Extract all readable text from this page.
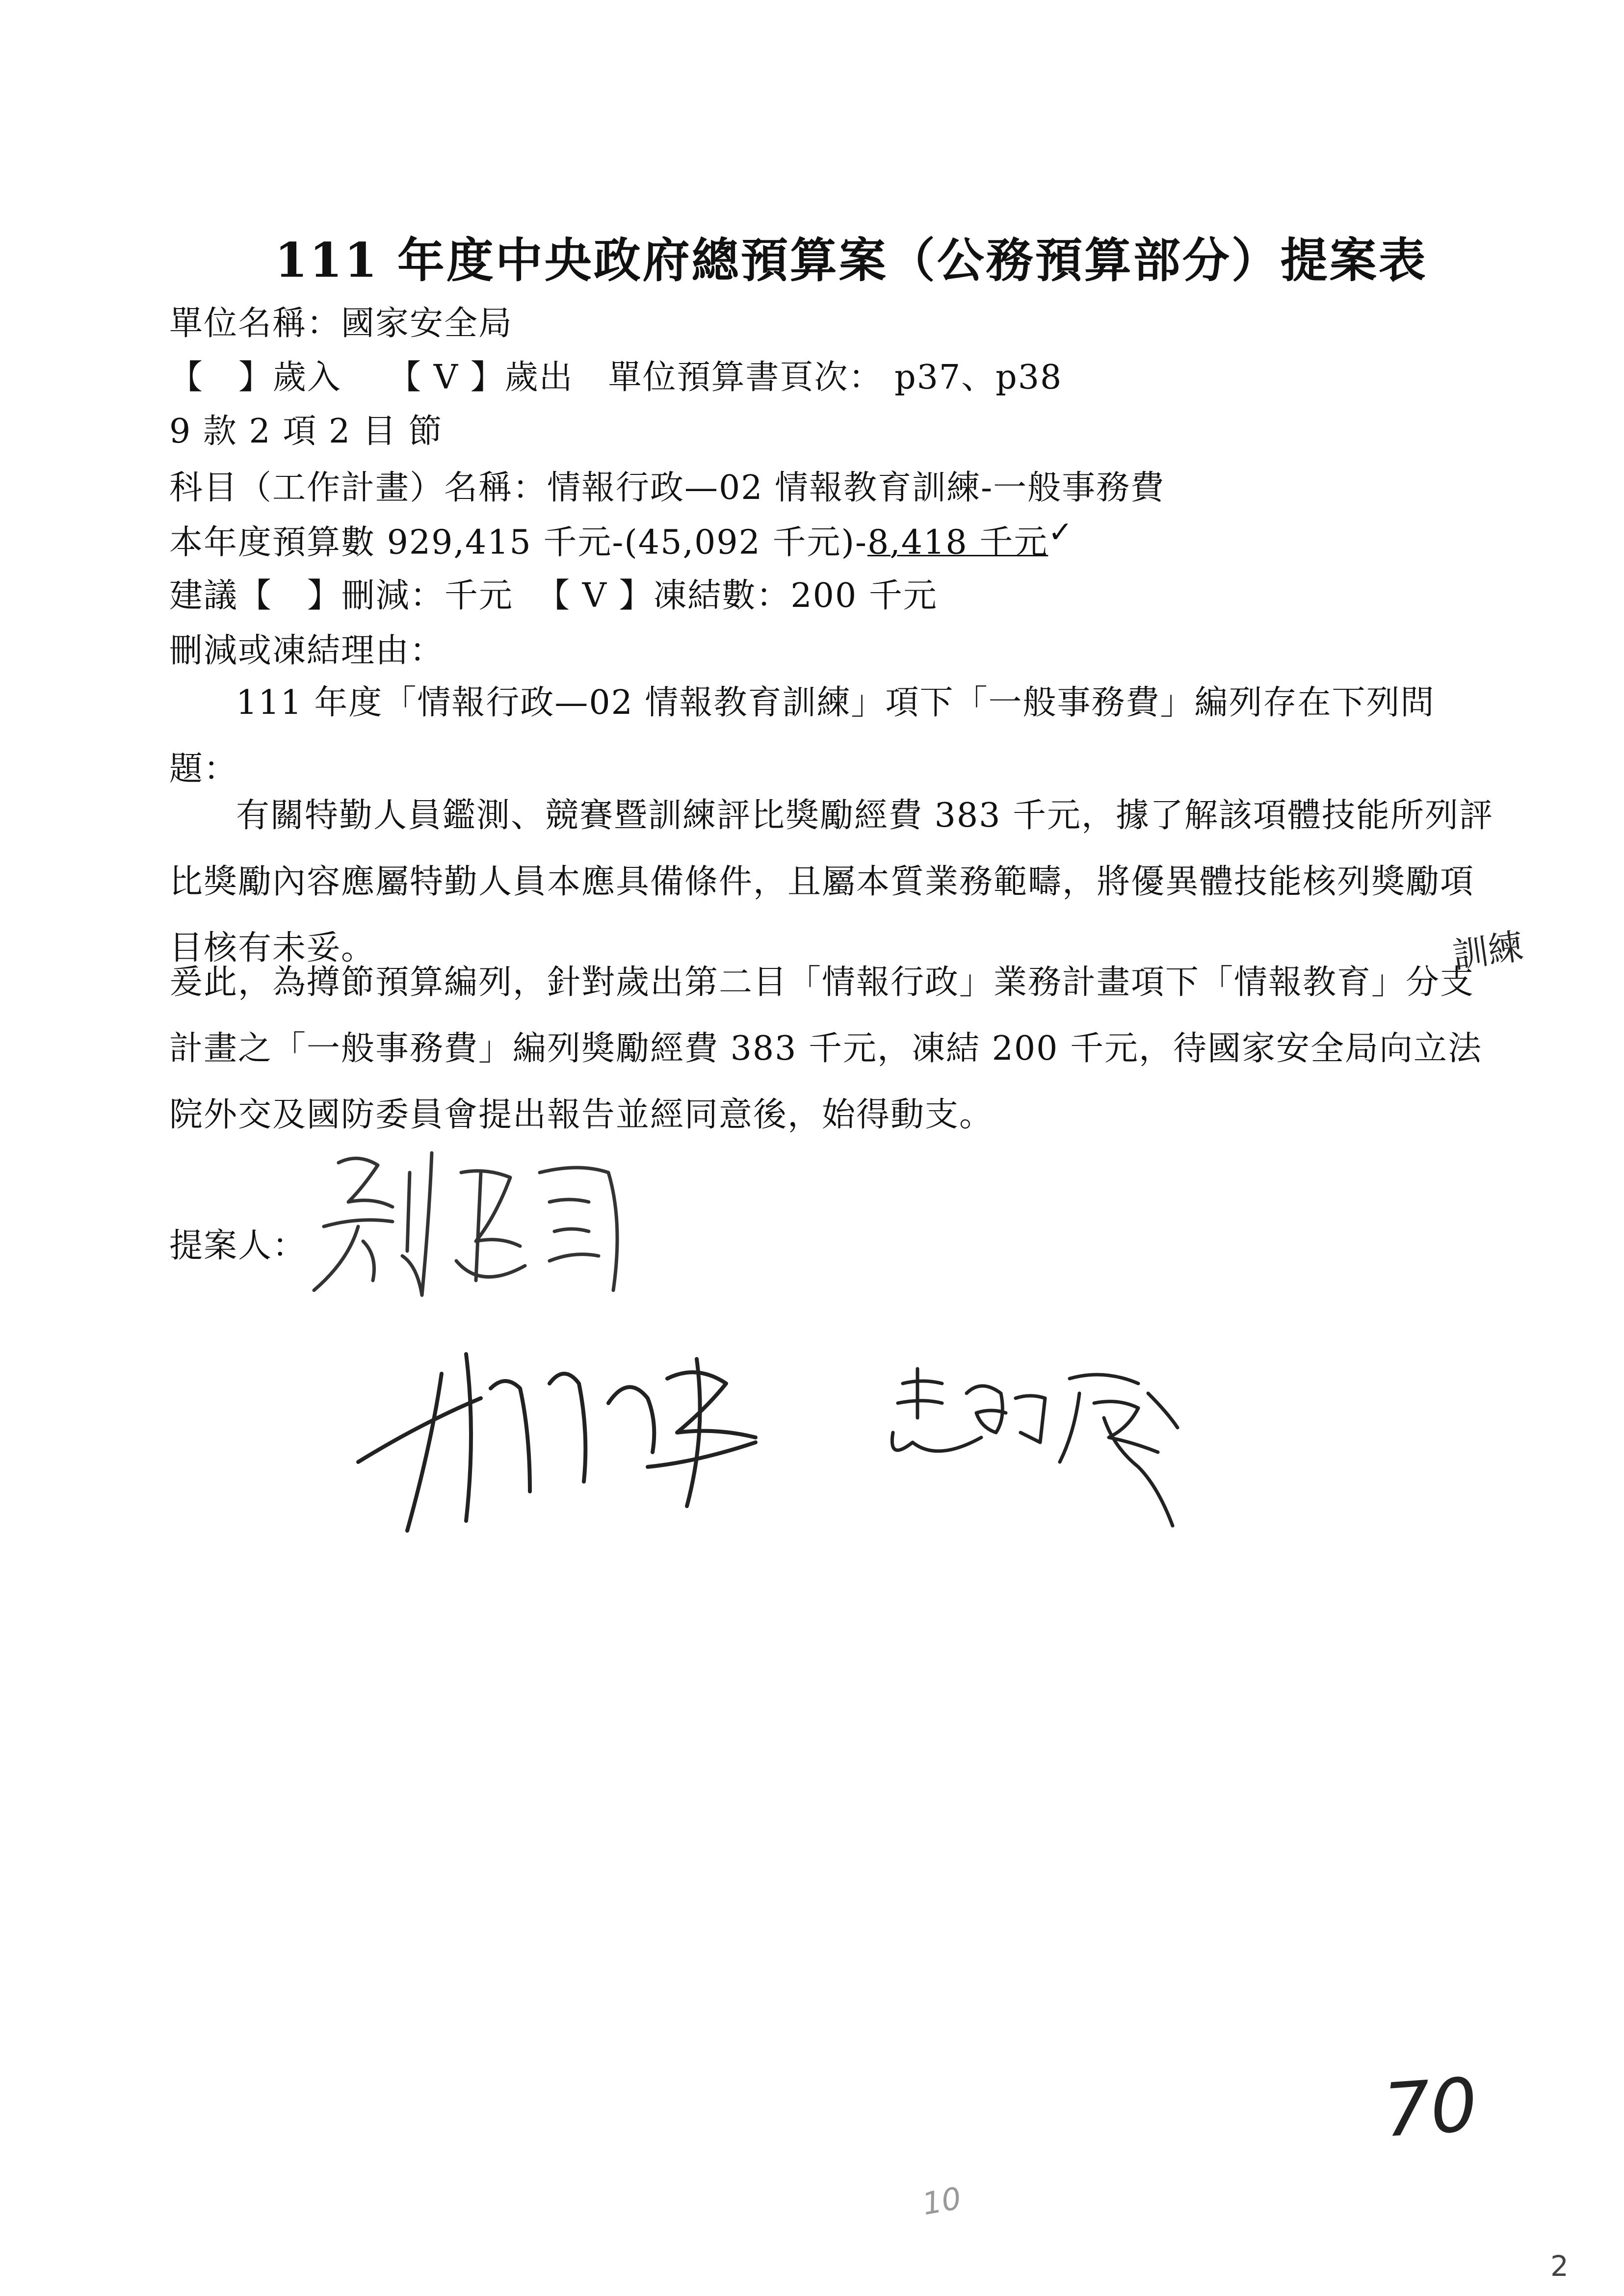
111 年度中央政府總預算案（公務預算部分）提案表
單位名稱：國家安全局
【   】歲入    【 V 】歲出   單位預算書頁次： p37、p38
9 款 2 項 2 目 節
科目（工作計畫）名稱：情報行政—02 情報教育訓練-一般事務費
本年度預算數 929,415 千元-(45,092 千元)-8,418 千元✓
建議【   】刪減：千元  【 V 】凍結數：200 千元
刪減或凍結理由：
111 年度「情報行政—02 情報教育訓練」項下「一般事務費」編列存在下列問題：
有關特勤人員鑑測、競賽暨訓練評比獎勵經費 383 千元，據了解該項體技能所列評比獎勵內容應屬特勤人員本應具備條件，且屬本質業務範疇，將優異體技能核列獎勵項目核有未妥。
爰此，為撙節預算編列，針對歲出第二目「情報行政」業務計畫項下「情報教育」分支計畫之「一般事務費」編列獎勵經費 383 千元，凍結 200 千元，待國家安全局向立法院外交及國防委員會提出報告並經同意後，始得動支。
訓練
提案人：
70
10
2
